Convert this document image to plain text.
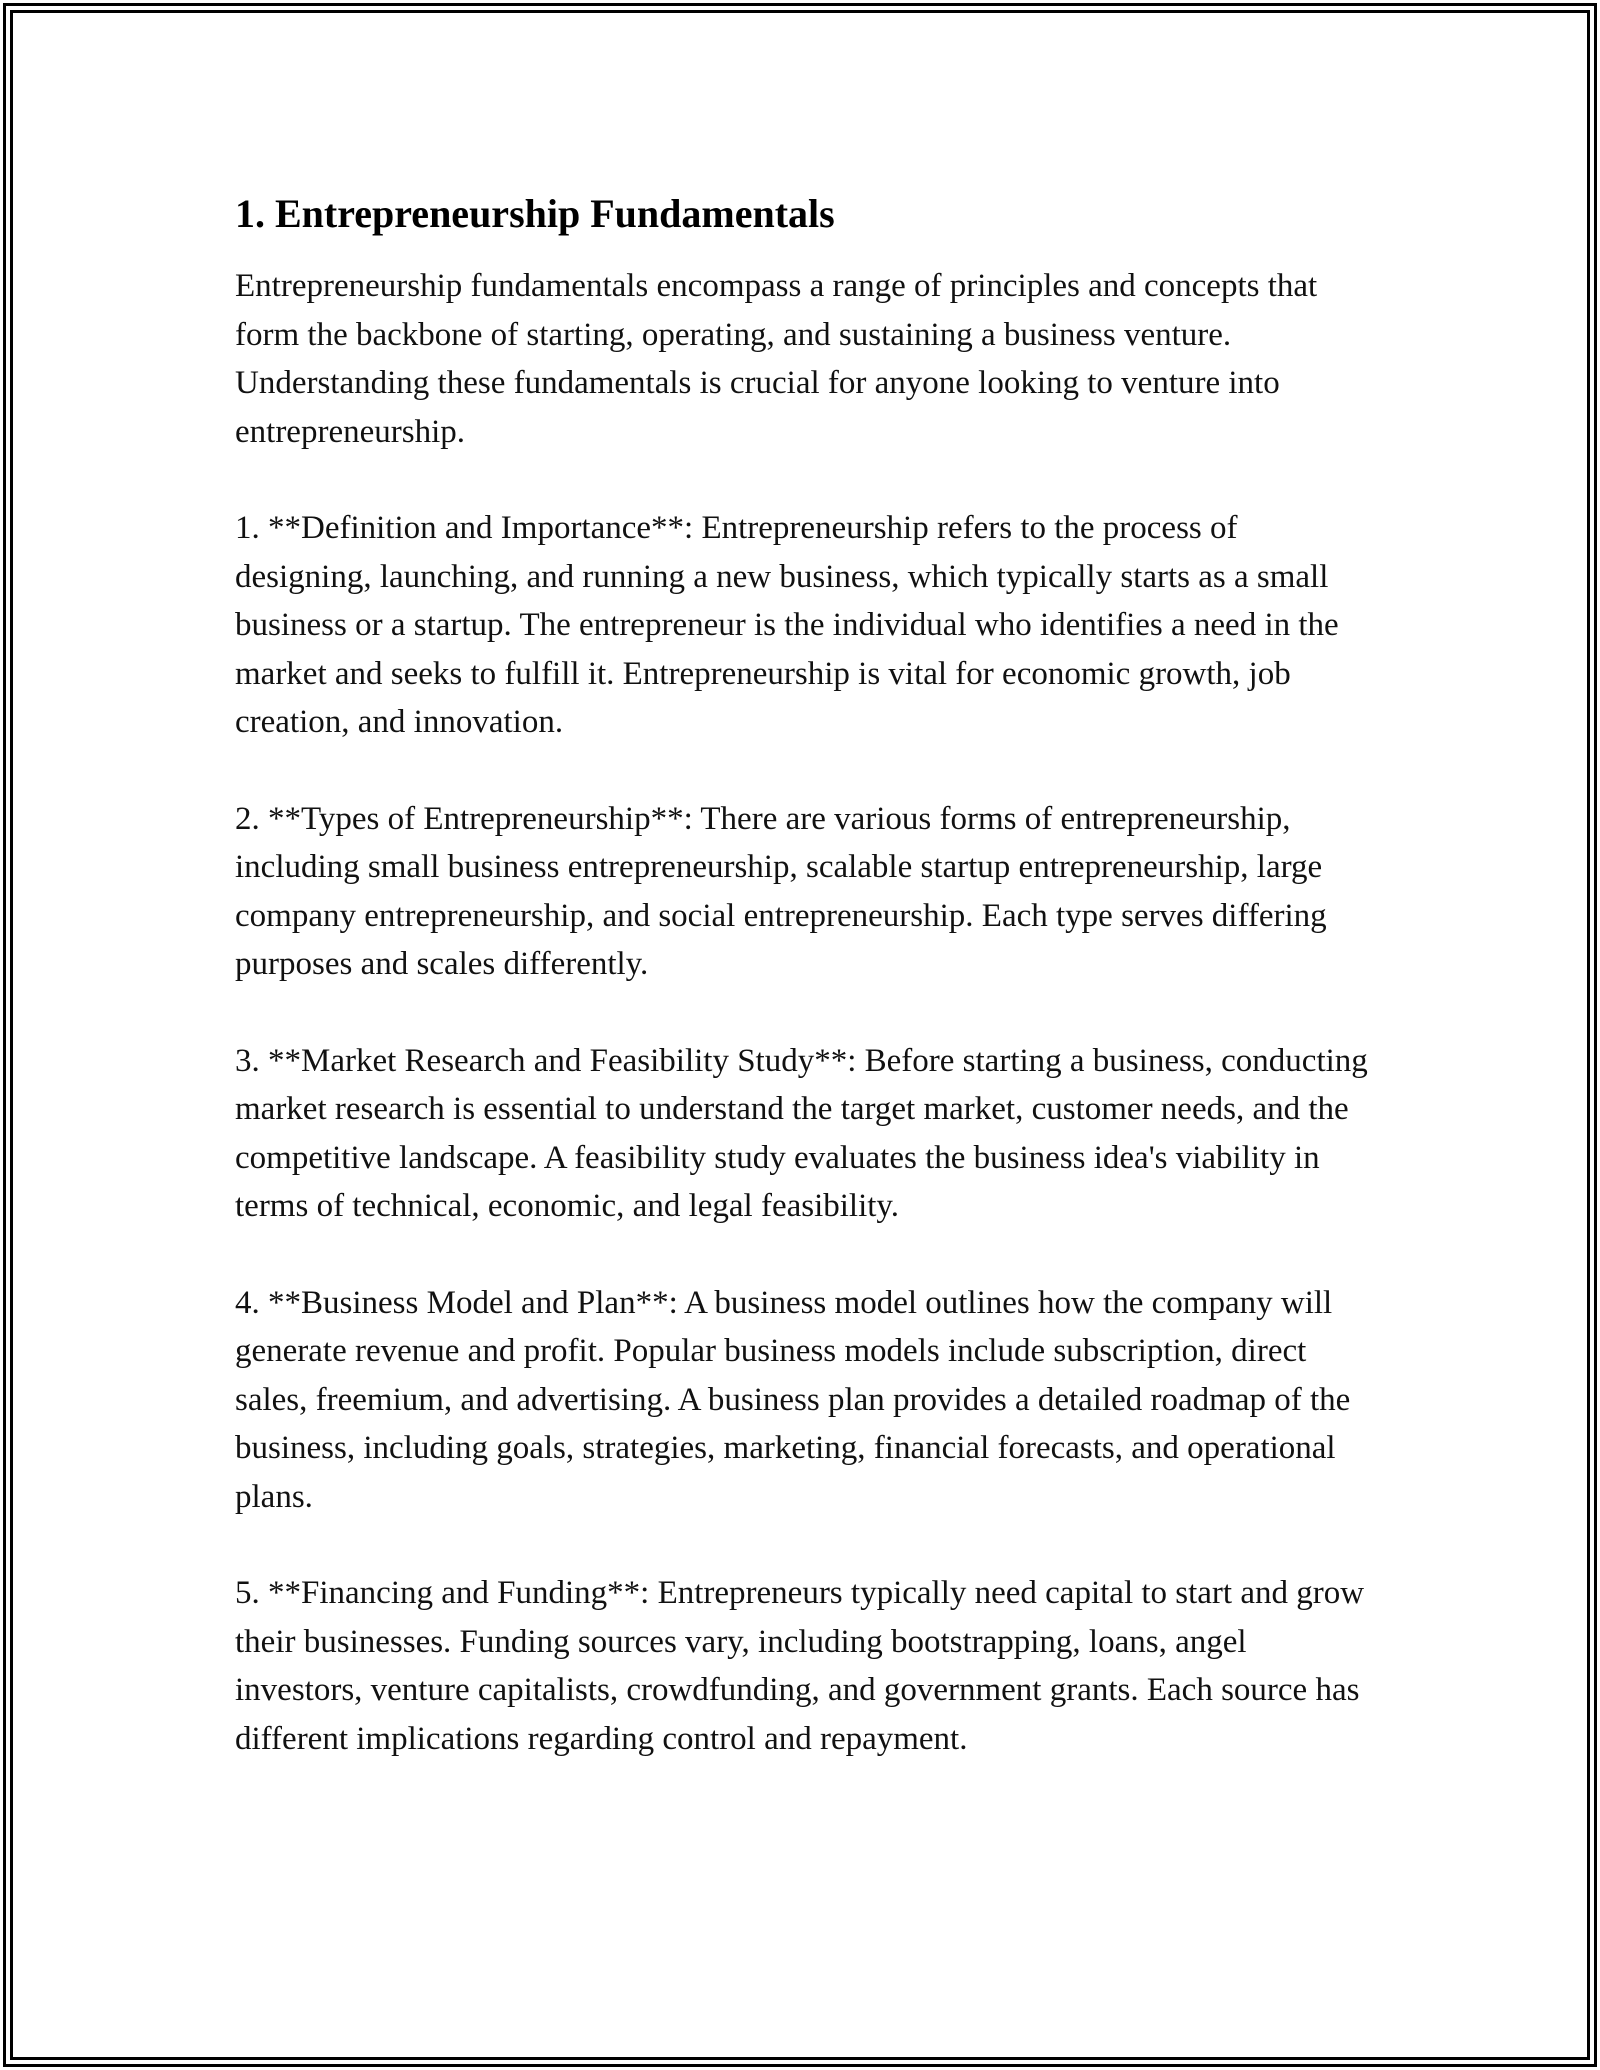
1. Entrepreneurship Fundamentals

Entrepreneurship fundamentals encompass a range of principles and concepts that form the backbone of starting, operating, and sustaining a business venture. Understanding these fundamentals is crucial for anyone looking to venture into entrepreneurship.

1. **Definition and Importance**: Entrepreneurship refers to the process of designing, launching, and running a new business, which typically starts as a small business or a startup. The entrepreneur is the individual who identifies a need in the market and seeks to fulfill it. Entrepreneurship is vital for economic growth, job creation, and innovation.

2. **Types of Entrepreneurship**: There are various forms of entrepreneurship, including small business entrepreneurship, scalable startup entrepreneurship, large company entrepreneurship, and social entrepreneurship. Each type serves differing purposes and scales differently.

3. **Market Research and Feasibility Study**: Before starting a business, conducting market research is essential to understand the target market, customer needs, and the competitive landscape. A feasibility study evaluates the business idea's viability in terms of technical, economic, and legal feasibility.

4. **Business Model and Plan**: A business model outlines how the company will generate revenue and profit. Popular business models include subscription, direct sales, freemium, and advertising. A business plan provides a detailed roadmap of the business, including goals, strategies, marketing, financial forecasts, and operational plans.

5. **Financing and Funding**: Entrepreneurs typically need capital to start and grow their businesses. Funding sources vary, including bootstrapping, loans, angel investors, venture capitalists, crowdfunding, and government grants. Each source has different implications regarding control and repayment.
